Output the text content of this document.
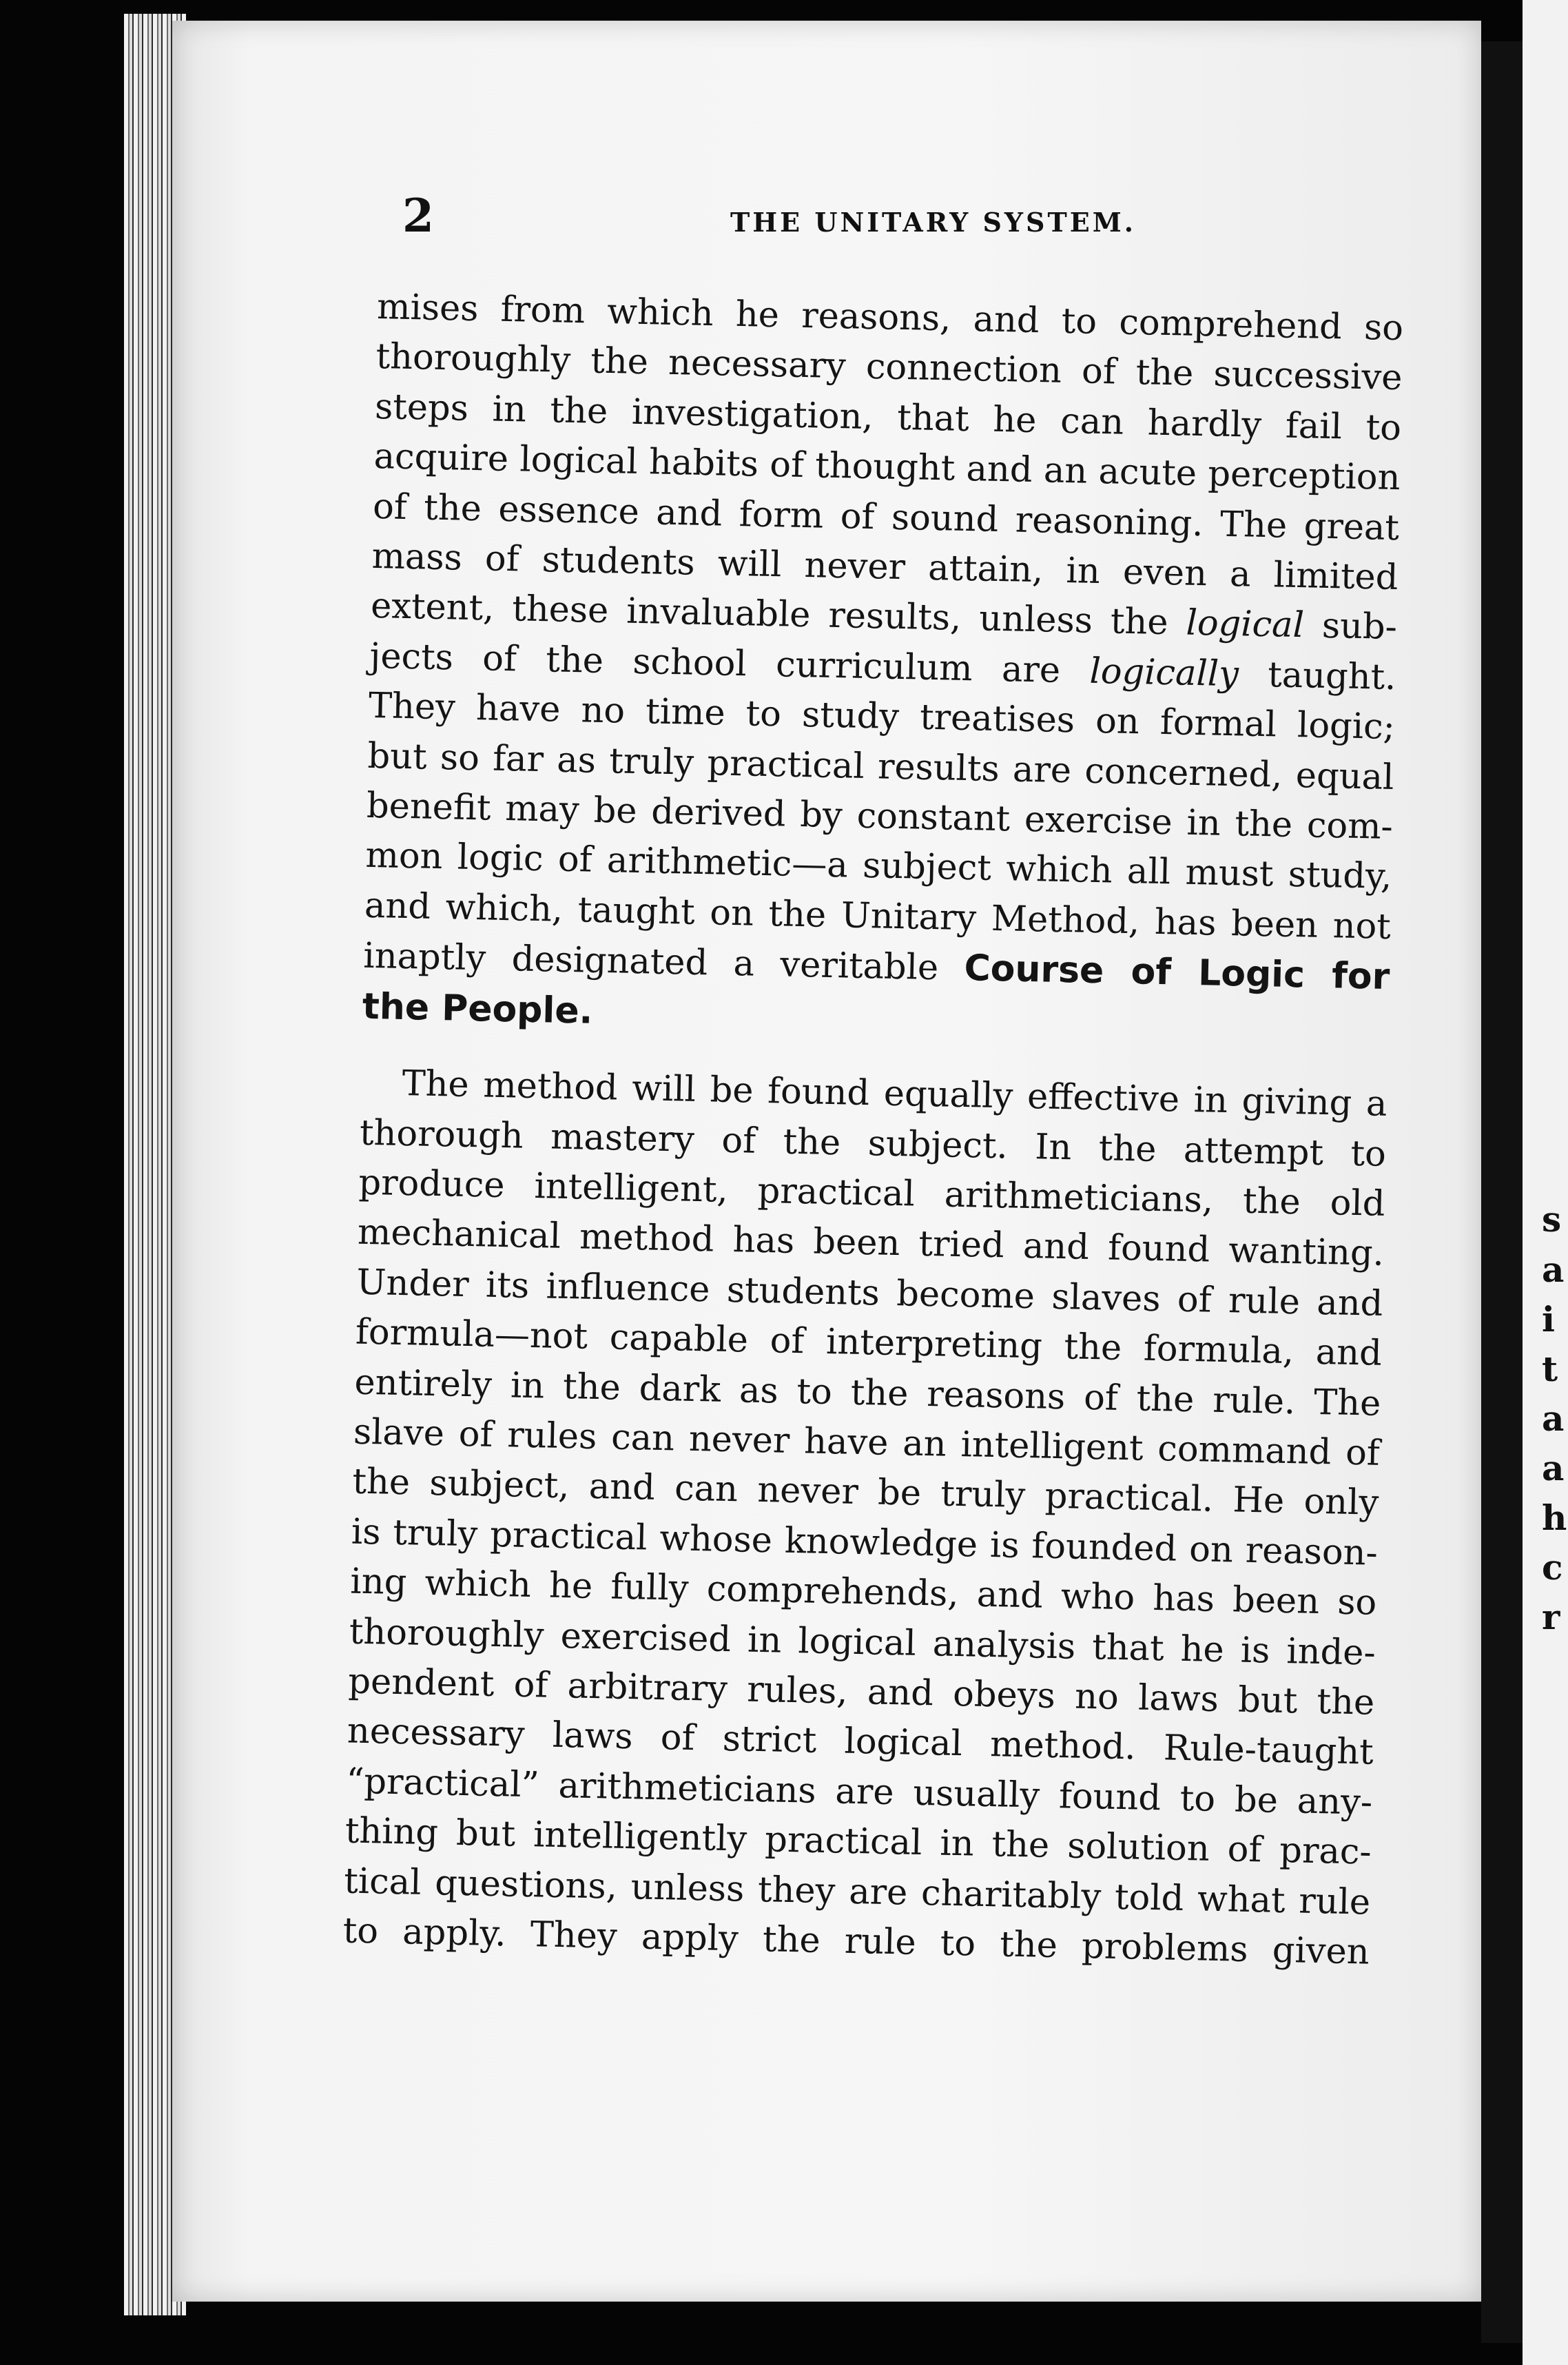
s
a
i
t
a
a
h
c
r
2	THE UNITARY SYSTEM.
mises from which he reasons, and to comprehend so
thoroughly the necessary connection of the successive
steps in the investigation, that he can hardly fail to
acquire logical habits of thought and an acute perception
of the essence and form of sound reasoning. The great
mass of students will never attain, in even a limited
extent, these invaluable results, unless the logical sub-
jects of the school curriculum are logically taught.
They have no time to study treatises on formal logic;
but so far as truly practical results are concerned, equal
benefit may be derived by constant exercise in the com-
mon logic of arithmetic—a subject which all must study,
and which, taught on the Unitary Method, has been not
inaptly designated a veritable Course of Logic for
the People.
The method will be found equally effective in giving a
thorough mastery of the subject. In the attempt to
produce intelligent, practical arithmeticians, the old
mechanical method has been tried and found wanting.
Under its influence students become slaves of rule and
formula—not capable of interpreting the formula, and
entirely in the dark as to the reasons of the rule. The
slave of rules can never have an intelligent command of
the subject, and can never be truly practical. He only
is truly practical whose knowledge is founded on reason-
ing which he fully comprehends, and who has been so
thoroughly exercised in logical analysis that he is inde-
pendent of arbitrary rules, and obeys no laws but the
necessary laws of strict logical method. Rule-taught
“practical” arithmeticians are usually found to be any-
thing but intelligently practical in the solution of prac-
tical questions, unless they are charitably told what rule
to apply. They apply the rule to the problems given
